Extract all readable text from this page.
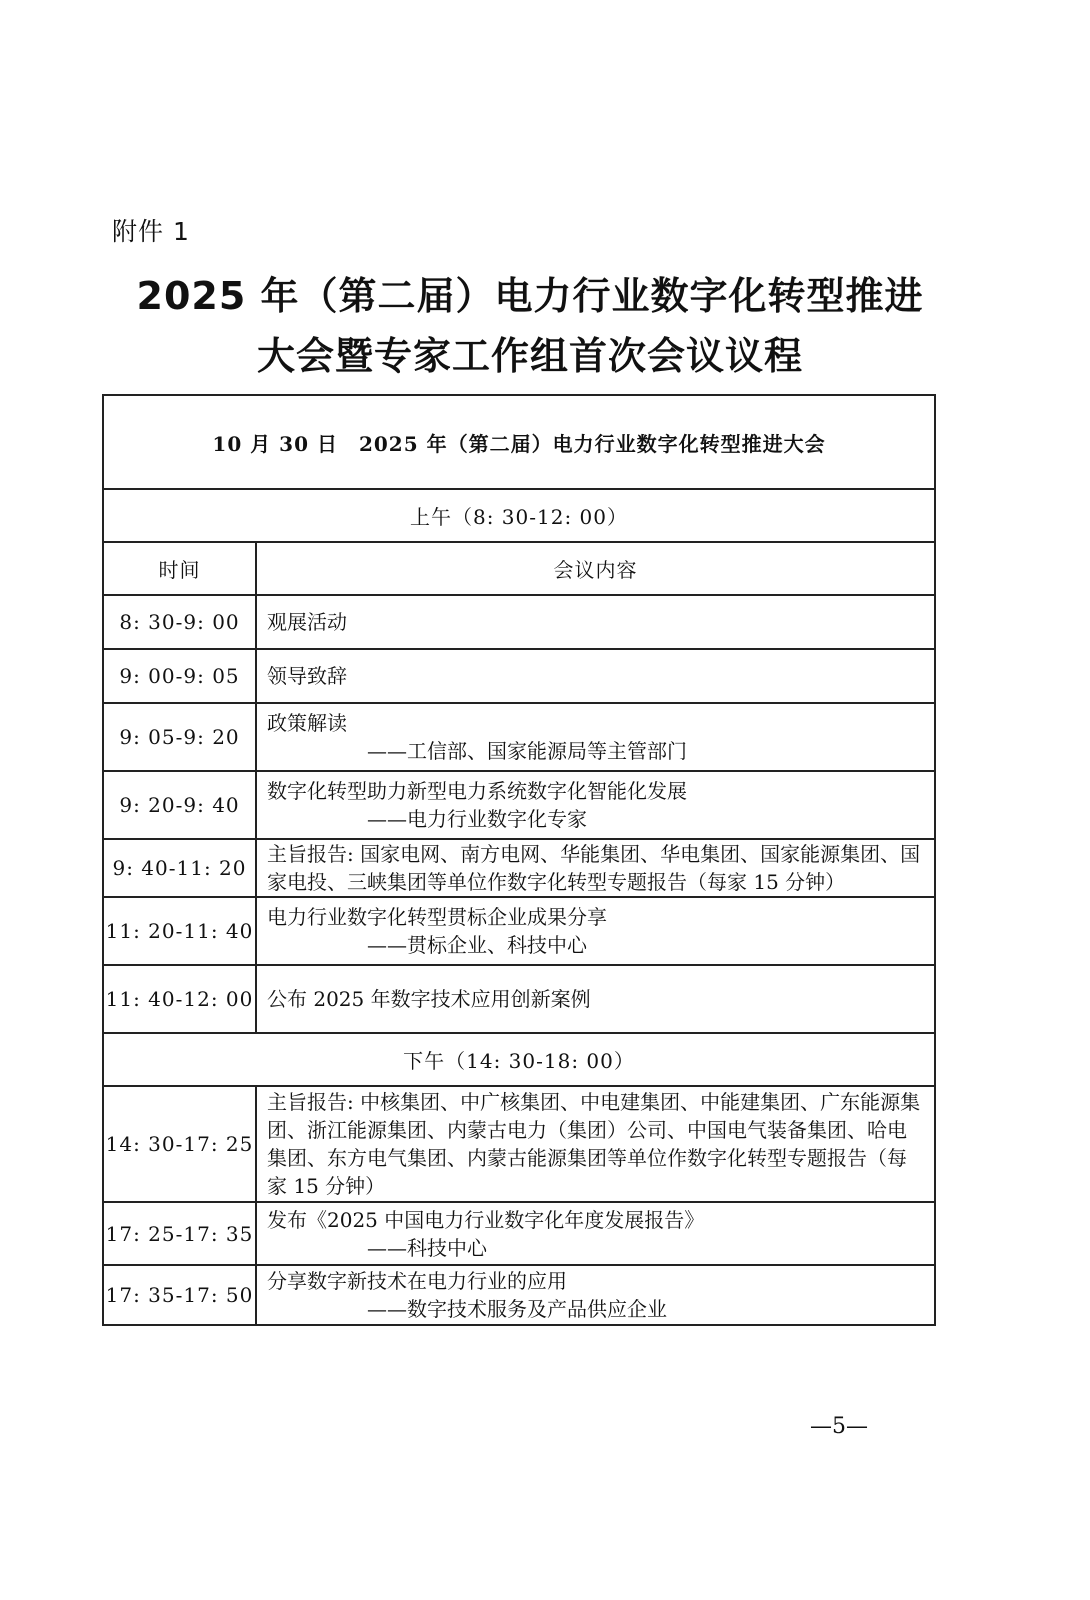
附件 1
2025 年（第二届）电力行业数字化转型推进
大会暨专家工作组首次会议议程
10 月 30 日　2025 年（第二届）电力行业数字化转型推进大会	
上午（8: 30-12: 00）	
时间	会议内容
8: 30-9: 00	观展活动

9: 00-9: 05	领导致辞

9: 05-9: 20	政策解读
——工信部、国家能源局等主管部门

9: 20-9: 40	数字化转型助力新型电力系统数字化智能化发展
——电力行业数字化专家

9: 40-11: 20	主旨报告: 国家电网、南方电网、华能集团、华电集团、国家能源集团、国家电投、三峡集团等单位作数字化转型专题报告（每家 15 分钟）

11: 20-11: 40	电力行业数字化转型贯标企业成果分享
——贯标企业、科技中心

11: 40-12: 00	公布 2025 年数字技术应用创新案例

下午（14: 30-18: 00）	
14: 30-17: 25	主旨报告: 中核集团、中广核集团、中电建集团、中能建集团、广东能源集团、浙江能源集团、内蒙古电力（集团）公司、中国电气装备集团、哈电集团、东方电气集团、内蒙古能源集团等单位作数字化转型专题报告（每家 15 分钟）

17: 25-17: 35	发布《2025 中国电力行业数字化年度发展报告》
——科技中心

17: 35-17: 50	分享数字新技术在电力行业的应用
——数字技术服务及产品供应企业
—5—
